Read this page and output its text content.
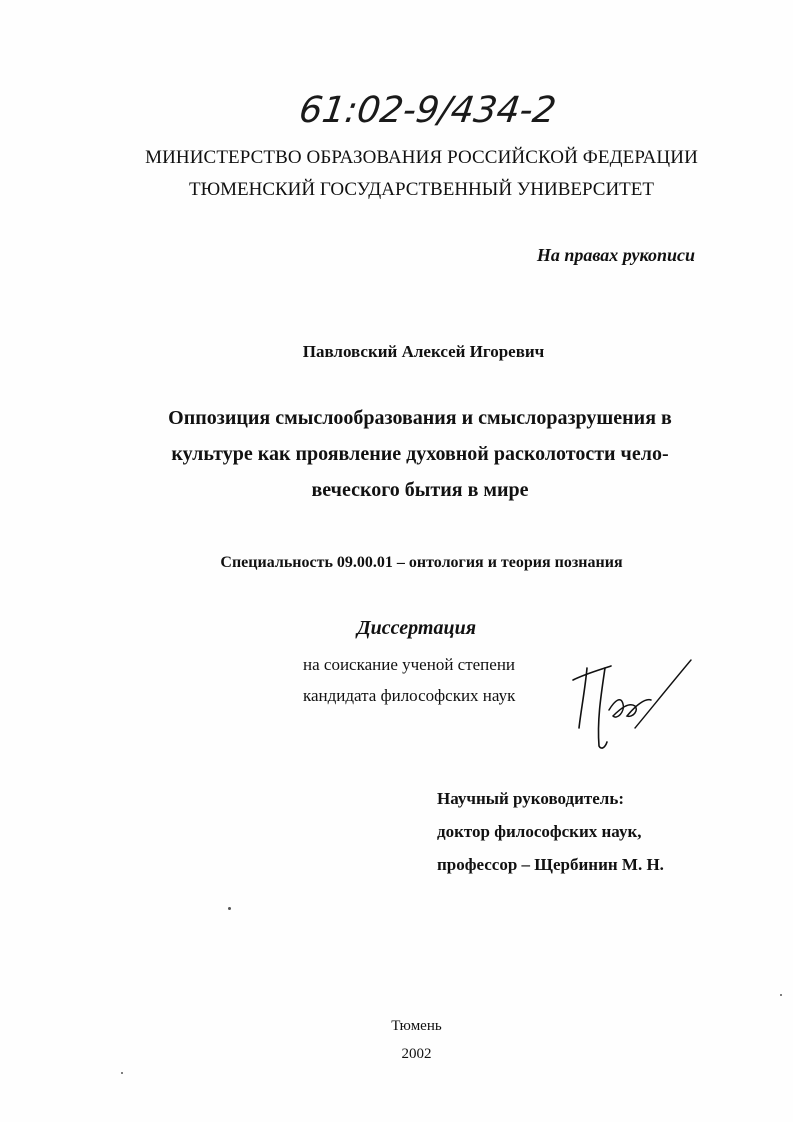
61:02-9/434-2
МИНИСТЕРСТВО ОБРАЗОВАНИЯ РОССИЙСКОЙ ФЕДЕРАЦИИ
ТЮМЕНСКИЙ ГОСУДАРСТВЕННЫЙ УНИВЕРСИТЕТ
На правах рукописи
Павловский Алексей Игоревич
Оппозиция смыслообразования и смыслоразрушения в
культуре как проявление духовной расколотости чело-
веческого бытия в мире
Специальность 09.00.01 – онтология и теория познания
Диссертация
на соискание ученой степени
кандидата философских наук
Научный руководитель:
доктор философских наук,
профессор – Щербинин М. Н.
Тюмень
2002
